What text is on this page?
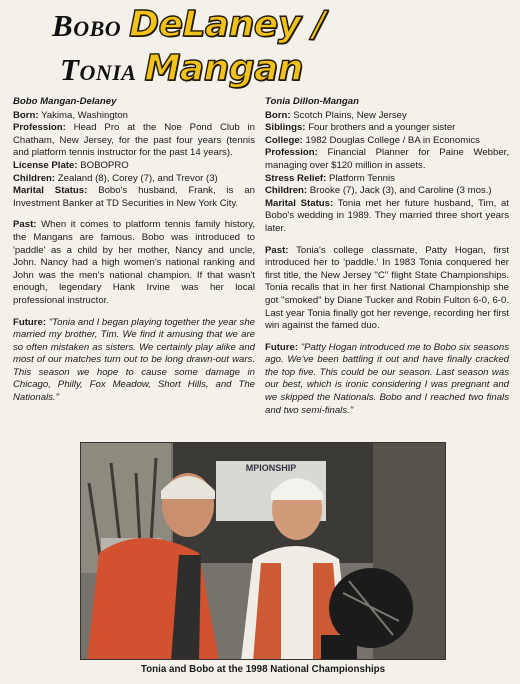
B OBO DeLaney /
T ONIA Mangan

Bobo Mangan-Delaney

Born: Yakima, Washington

Profession: Head Pro at the Noe Pond Club in Chatham, New Jersey, for the past four years (tennis and platform tennis instructor for the past 14 years).

License Plate: BOBOPRO

Children: Zealand (8), Corey (7), and Trevor (3)

Marital Status: Bobo's husband, Frank, is an Investment Banker at TD Securities in New York City.

Past: When it comes to platform tennis family history, the Mangans are famous. Bobo was introduced to 'paddle' as a child by her mother, Nancy and uncle, John. Nancy had a high women's national ranking and John was the men's national champion. If that wasn't enough, legendary Hank Irvine was her local professional instructor.

Future: "Tonia and I began playing together the year she married my brother, Tim. We find it amusing that we are so often mistaken as sisters. We certainly play alike and most of our matches turn out to be long drawn-out wars. This season we hope to cause some damage in Chicago, Philly, Fox Meadow, Short Hills, and The Nationals."

Tonia Dillon-Mangan

Born: Scotch Plains, New Jersey

Siblings: Four brothers and a younger sister

College: 1982 Douglas College / BA in Economics

Profession: Financial Planner for Paine Webber, managing over $120 million in assets.

Stress Relief: Platform Tennis

Children: Brooke (7), Jack (3), and Caroline (3 mos.)

Marital Status: Tonia met her future husband, Tim, at Bobo's wedding in 1989. They married three short years later.

Past: Tonia's college classmate, Patty Hogan, first introduced her to 'paddle.' In 1983 Tonia conquered her first title, the New Jersey "C" flight State Championships. Tonia recalls that in her first National Championship she got "smoked" by Diane Tucker and Robin Fulton 6-0, 6-0. Last year Tonia finally got her revenge, recording her first win against the famed duo.

Future: "Patty Hogan introduced me to Bobo six seasons ago. We've been battling it out and have finally cracked the top five. This could be our season. Last season was our best, which is ironic considering I was pregnant and we skipped the Nationals. Bobo and I reached two finals and two semi-finals."

MPIONSHIP
Tonia and Bobo at the 1998 National Championships
